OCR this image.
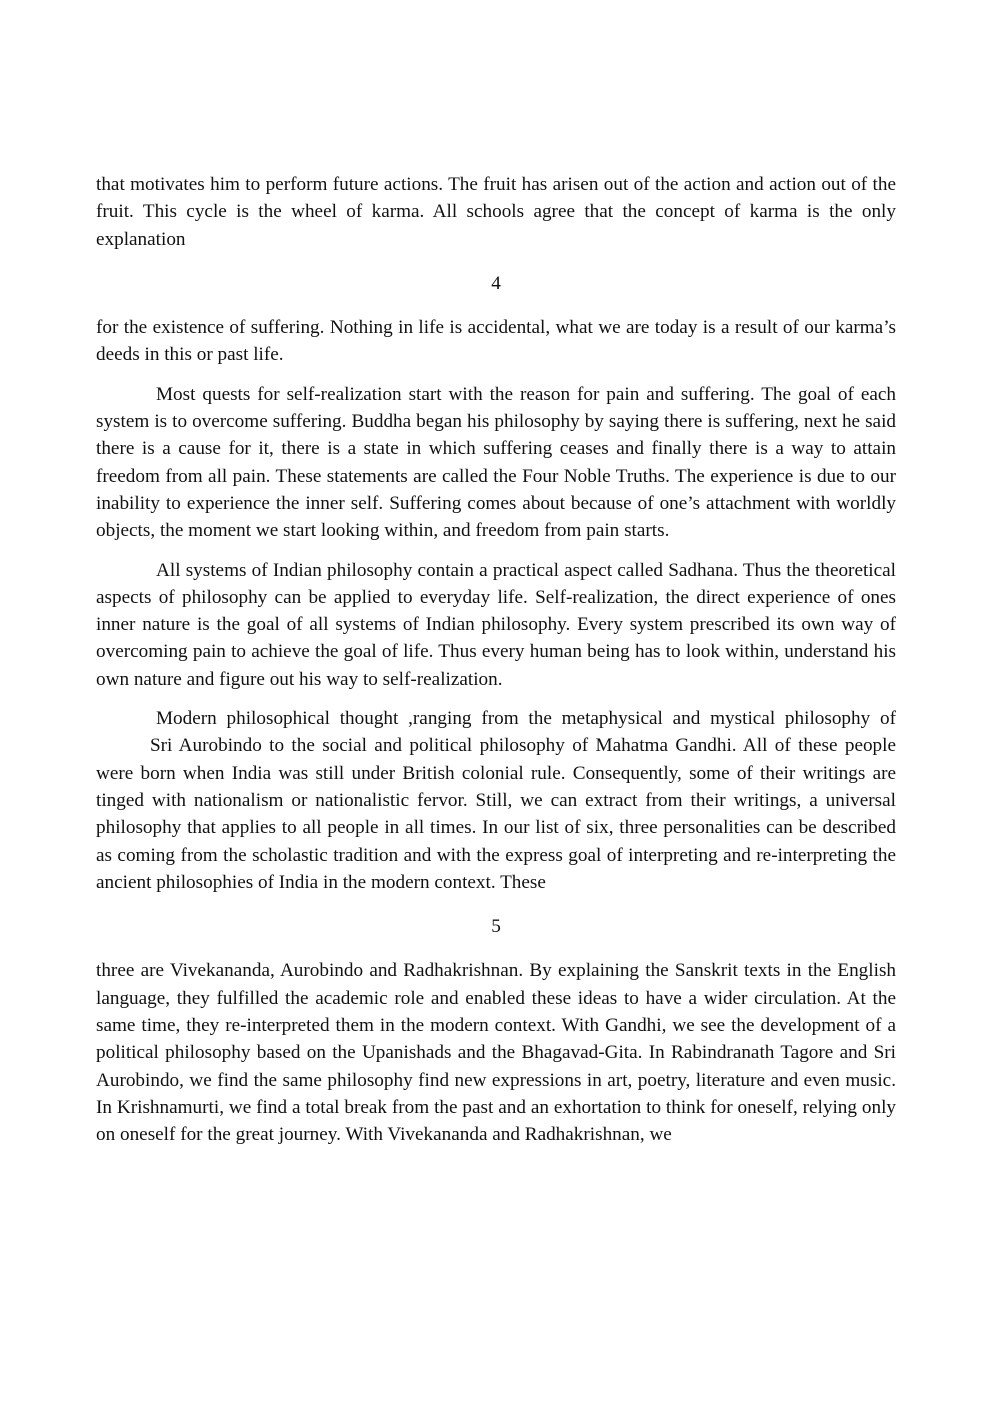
that motivates him to perform future actions. The fruit has arisen out of the action and action out of the fruit. This cycle is the wheel of karma. All schools agree that the concept of karma is the only explanation

4

for the existence of suffering. Nothing in life is accidental, what we are today is a result of our karma’s deeds in this or past life.

Most quests for self-realization start with the reason for pain and suffering. The goal of each system is to overcome suffering. Buddha began his philosophy by saying there is suffering, next he said there is a cause for it, there is a state in which suffering ceases and finally there is a way to attain freedom from all pain. These statements are called the Four Noble Truths. The experience is due to our inability to experience the inner self. Suffering comes about because of one’s attachment with worldly objects, the moment we start looking within, and freedom from pain starts.

All systems of Indian philosophy contain a practical aspect called Sadhana. Thus the theoretical aspects of philosophy can be applied to everyday life. Self-realization, the direct experience of ones inner nature is the goal of all systems of Indian philosophy. Every system prescribed its own way of overcoming pain to achieve the goal of life. Thus every human being has to look within, understand his own nature and figure out his way to self-realization.

Modern philosophical thought ,ranging from the metaphysical and mystical philosophy ofSri Aurobindo to the social and political philosophy of Mahatma Gandhi. All of these people were born when India was still under British colonial rule. Consequently, some of their writings are tinged with nationalism or nationalistic fervor. Still, we can extract from their writings, a universal philosophy that applies to all people in all times. In our list of six, three personalities can be described as coming from the scholastic tradition and with the express goal of interpreting and re-interpreting the ancient philosophies of India in the modern context. These

5

three are Vivekananda, Aurobindo and Radhakrishnan. By explaining the Sanskrit texts in the English language, they fulfilled the academic role and enabled these ideas to have a wider circulation. At the same time, they re-interpreted them in the modern context. With Gandhi, we see the development of a political philosophy based on the Upanishads and the Bhagavad-Gita. In Rabindranath Tagore and Sri Aurobindo, we find the same philosophy find new expressions in art, poetry, literature and even music. In Krishnamurti, we find a total break from the past and an exhortation to think for oneself, relying only on oneself for the great journey. With Vivekananda and Radhakrishnan, we
